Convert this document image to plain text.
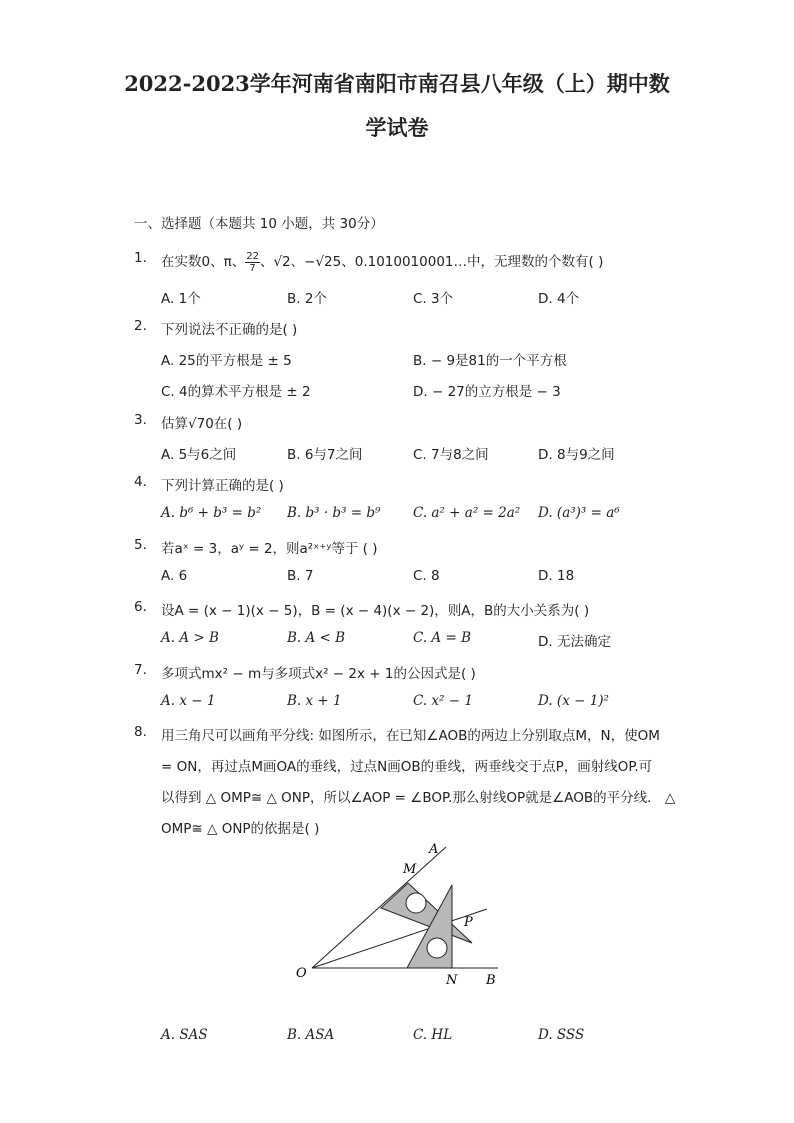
2022-2023学年河南省南阳市南召县八年级（上）期中数
学试卷
一、选择题（本题共 10 小题，共 30分）
1. 在实数0、π、 $\frac{22}{7}$ 、√2、−√25、0.1010010001…中，无理数的个数有( )
A. 1个	B. 2个	C. 3个	D. 4个
2. 下列说法不正确的是( )
A. 25的平方根是 ± 5	B. − 9是81的一个平方根
C. 4的算术平方根是 ± 2	D. − 27的立方根是 − 3
3. 估算√70在( )
A. 5与6之间	B. 6与7之间	C. 7与8之间	D. 8与9之间
4. 下列计算正确的是( )
A. b⁶ + b³ = b² B. b³ · b³ = b⁹ C. a² + a² = 2a² D. (a³)³ = a⁶
5. 若aˣ = 3，aʸ = 2，则a²ˣ⁺ʸ等于 ( )
A. 6	B. 7	C. 8	D. 18
6. 设A = (x − 1)(x − 5)，B = (x − 4)(x − 2)，则A，B的大小关系为( )
A. A > B	B. A < B	C. A = B	D. 无法确定
7. 多项式mx² − m与多项式x² − 2x + 1的公因式是( )
A. x − 1	B. x + 1	C. x² − 1	D. (x − 1)²
8. 用三角尺可以画角平分线: 如图所示，在已知∠AOB的两边上分别取点M，N，使OM
= ON，再过点M画OA的垂线，过点N画OB的垂线，两垂线交于点P，画射线OP.可
以得到 △ OMP≅ △ ONP，所以∠AOP = ∠BOP.那么射线OP就是∠AOB的平分线． △
OMP≅ △ ONP的依据是( )
A
M
P
O	N B
A. SAS	B. ASA	C. HL	D. SSS
